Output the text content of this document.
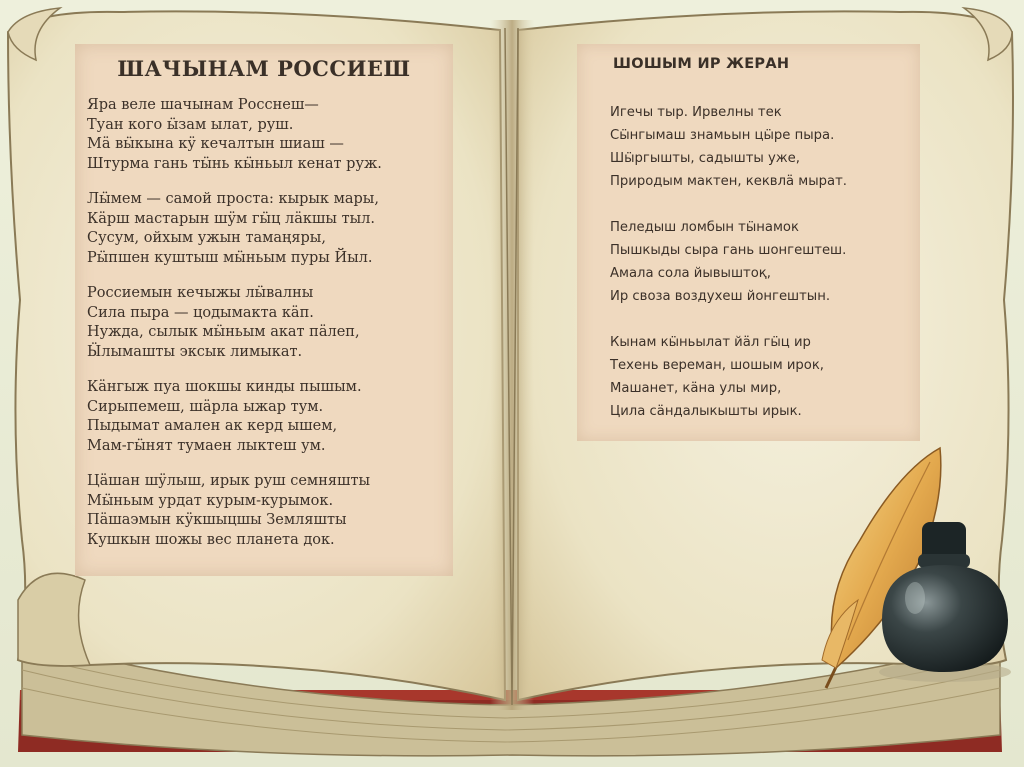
ШАЧЫНАМ РОССИЕШ
Яра веле шачынам Росснеш—
Туан кого ӹзам ылат, руш.
Мӓ вӹкына кӱ кечалтын шиаш —
Штурма гань тӹнь кӹньыл кенат руж.
Лӹмем — самой проста: кырык мары,
Кӓрш мастарын шӱм гӹц лӓкшы тыл.
Сусум, ойхым ужын тамаңяры,
Рӹпшен куштыш мӹньым пуры Йыл.
Россиемын кечыжы лӹвалны
Сила пыра — цодымакта кӓп.
Нужда, сылык мӹньым акат пӓлеп,
Ӹлымашты эксык лимыкат.
Кӓнгыж пуа шокшы кинды пышым.
Сирыпемеш, шӓрла ыжар тум.
Пыдымат амален ак керд ышем,
Мам-гӹнят тумаен лыктеш ум.
Цӓшан шӱлыш, ирык руш семняшты
Мӹньым урдат курым-курымок.
Пӓшаэмын кӱкшыцшы Земляшты
Кушкын шожы вес планета док.
ШОШЫМ ИР ЖЕРАН
Игечы тыр. Ирвелны тек
Сӹнгымаш знамьын цӹре пыра.
Шӹргышты, садышты уже,
Природым мактен, кеквлӓ мырат.
Пеледыш ломбын тӹнамок
Пышкыды сыра гань шонгештеш.
Амала сола йывыштоқ,
Ир своза воздухеш йонгештын.
Кынам кӹньылат йӓл гӹц ир
Техень вереман, шошым ирок,
Машанет, кӓна улы мир,
Цила сӓндалыкышты ирык.
